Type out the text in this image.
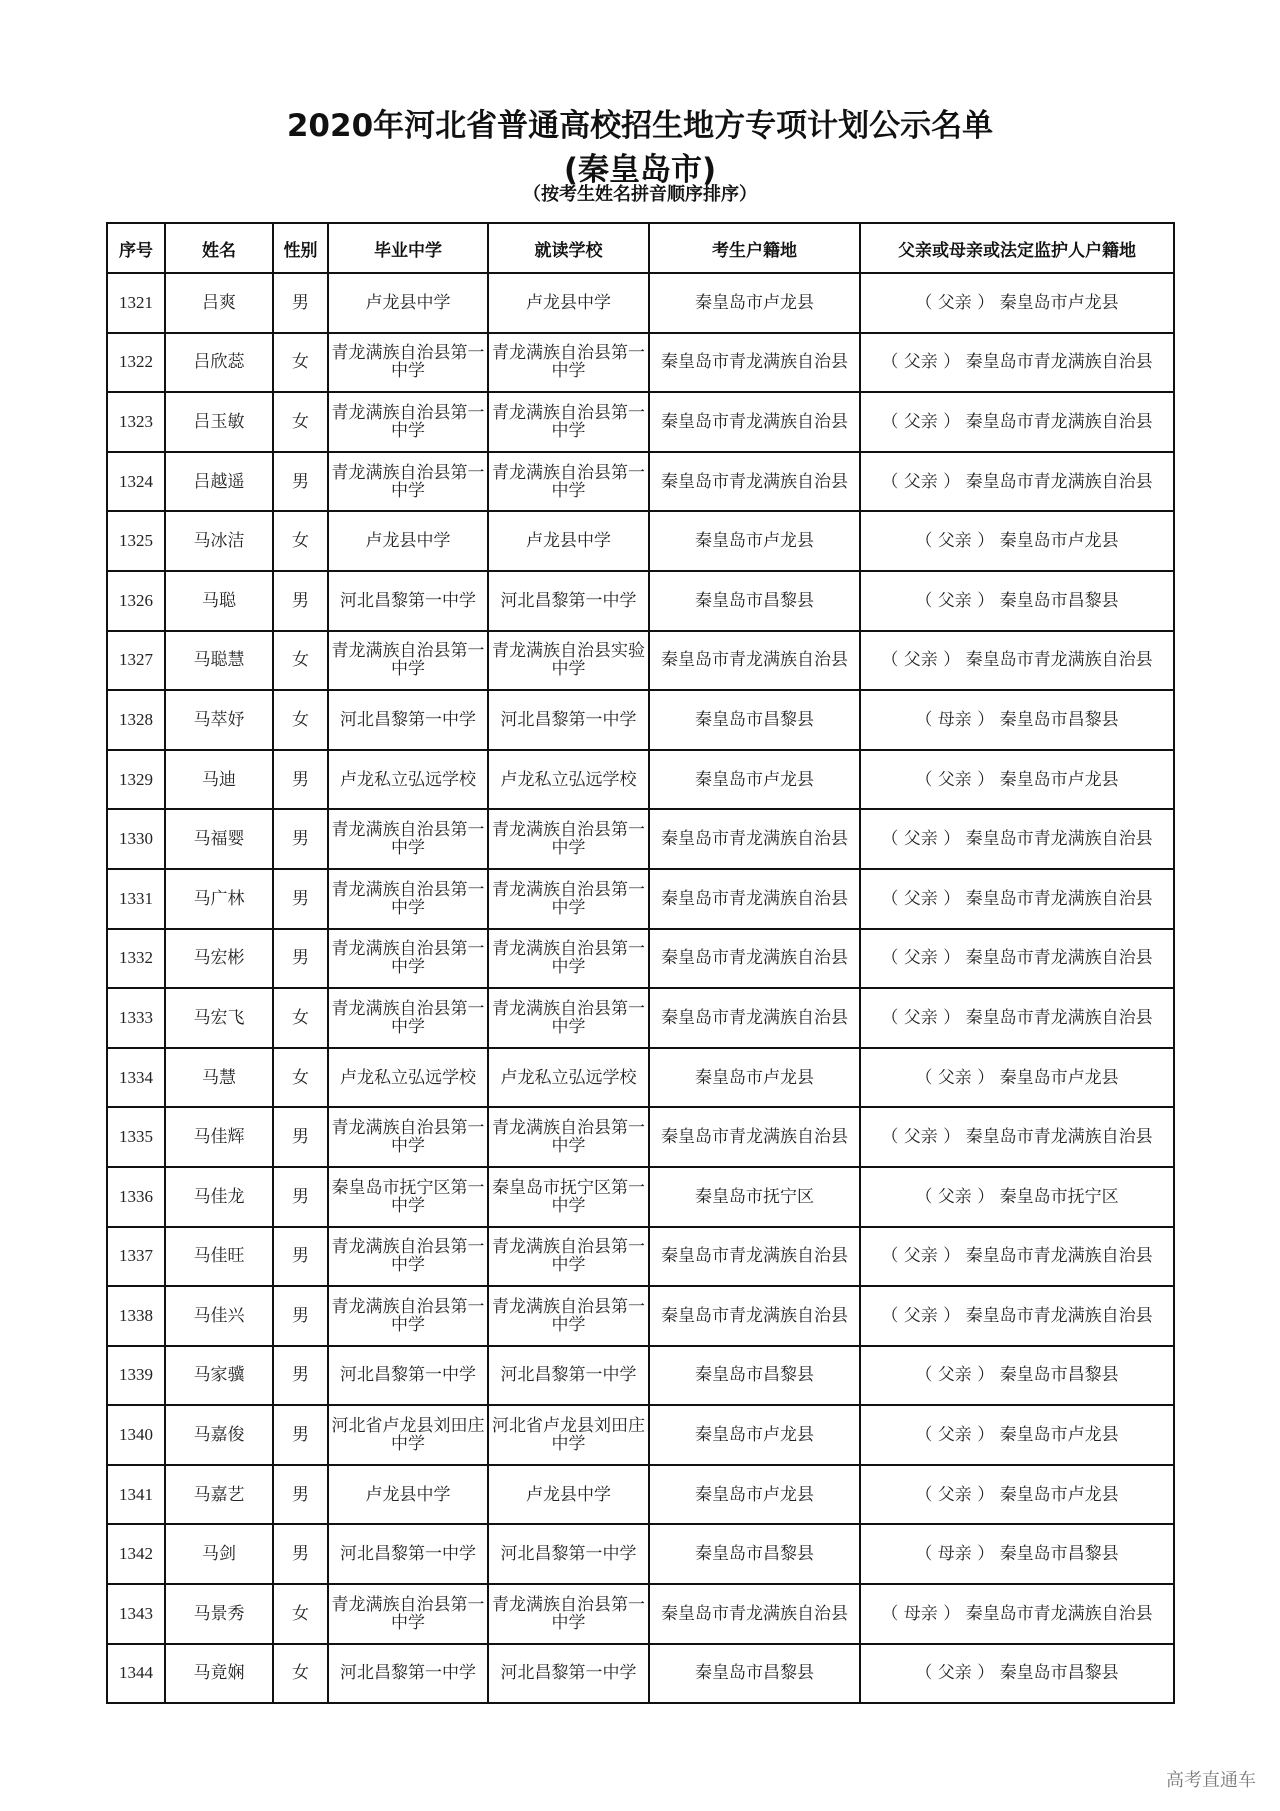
2020年河北省普通高校招生地方专项计划公示名单
(秦皇岛市)
（按考生姓名拼音顺序排序）
序号	姓名	性别	毕业中学	就读学校	考生户籍地	父亲或母亲或法定监护人户籍地
1321	吕爽	男	卢龙县中学	卢龙县中学	秦皇岛市卢龙县	（ 父亲 ） 秦皇岛市卢龙县
1322	吕欣蕊	女	青龙满族自治县第一中学	青龙满族自治县第一中学	秦皇岛市青龙满族自治县	（ 父亲 ） 秦皇岛市青龙满族自治县
1323	吕玉敏	女	青龙满族自治县第一中学	青龙满族自治县第一中学	秦皇岛市青龙满族自治县	（ 父亲 ） 秦皇岛市青龙满族自治县
1324	吕越遥	男	青龙满族自治县第一中学	青龙满族自治县第一中学	秦皇岛市青龙满族自治县	（ 父亲 ） 秦皇岛市青龙满族自治县
1325	马冰洁	女	卢龙县中学	卢龙县中学	秦皇岛市卢龙县	（ 父亲 ） 秦皇岛市卢龙县
1326	马聪	男	河北昌黎第一中学	河北昌黎第一中学	秦皇岛市昌黎县	（ 父亲 ） 秦皇岛市昌黎县
1327	马聪慧	女	青龙满族自治县第一中学	青龙满族自治县实验中学	秦皇岛市青龙满族自治县	（ 父亲 ） 秦皇岛市青龙满族自治县
1328	马萃妤	女	河北昌黎第一中学	河北昌黎第一中学	秦皇岛市昌黎县	（ 母亲 ） 秦皇岛市昌黎县
1329	马迪	男	卢龙私立弘远学校	卢龙私立弘远学校	秦皇岛市卢龙县	（ 父亲 ） 秦皇岛市卢龙县
1330	马福婴	男	青龙满族自治县第一中学	青龙满族自治县第一中学	秦皇岛市青龙满族自治县	（ 父亲 ） 秦皇岛市青龙满族自治县
1331	马广林	男	青龙满族自治县第一中学	青龙满族自治县第一中学	秦皇岛市青龙满族自治县	（ 父亲 ） 秦皇岛市青龙满族自治县
1332	马宏彬	男	青龙满族自治县第一中学	青龙满族自治县第一中学	秦皇岛市青龙满族自治县	（ 父亲 ） 秦皇岛市青龙满族自治县
1333	马宏飞	女	青龙满族自治县第一中学	青龙满族自治县第一中学	秦皇岛市青龙满族自治县	（ 父亲 ） 秦皇岛市青龙满族自治县
1334	马慧	女	卢龙私立弘远学校	卢龙私立弘远学校	秦皇岛市卢龙县	（ 父亲 ） 秦皇岛市卢龙县
1335	马佳辉	男	青龙满族自治县第一中学	青龙满族自治县第一中学	秦皇岛市青龙满族自治县	（ 父亲 ） 秦皇岛市青龙满族自治县
1336	马佳龙	男	秦皇岛市抚宁区第一中学	秦皇岛市抚宁区第一中学	秦皇岛市抚宁区	（ 父亲 ） 秦皇岛市抚宁区
1337	马佳旺	男	青龙满族自治县第一中学	青龙满族自治县第一中学	秦皇岛市青龙满族自治县	（ 父亲 ） 秦皇岛市青龙满族自治县
1338	马佳兴	男	青龙满族自治县第一中学	青龙满族自治县第一中学	秦皇岛市青龙满族自治县	（ 父亲 ） 秦皇岛市青龙满族自治县
1339	马家骥	男	河北昌黎第一中学	河北昌黎第一中学	秦皇岛市昌黎县	（ 父亲 ） 秦皇岛市昌黎县
1340	马嘉俊	男	河北省卢龙县刘田庄中学	河北省卢龙县刘田庄中学	秦皇岛市卢龙县	（ 父亲 ） 秦皇岛市卢龙县
1341	马嘉艺	男	卢龙县中学	卢龙县中学	秦皇岛市卢龙县	（ 父亲 ） 秦皇岛市卢龙县
1342	马剑	男	河北昌黎第一中学	河北昌黎第一中学	秦皇岛市昌黎县	（ 母亲 ） 秦皇岛市昌黎县
1343	马景秀	女	青龙满族自治县第一中学	青龙满族自治县第一中学	秦皇岛市青龙满族自治县	（ 母亲 ） 秦皇岛市青龙满族自治县
1344	马竟娴	女	河北昌黎第一中学	河北昌黎第一中学	秦皇岛市昌黎县	（ 父亲 ） 秦皇岛市昌黎县
高考直通车
